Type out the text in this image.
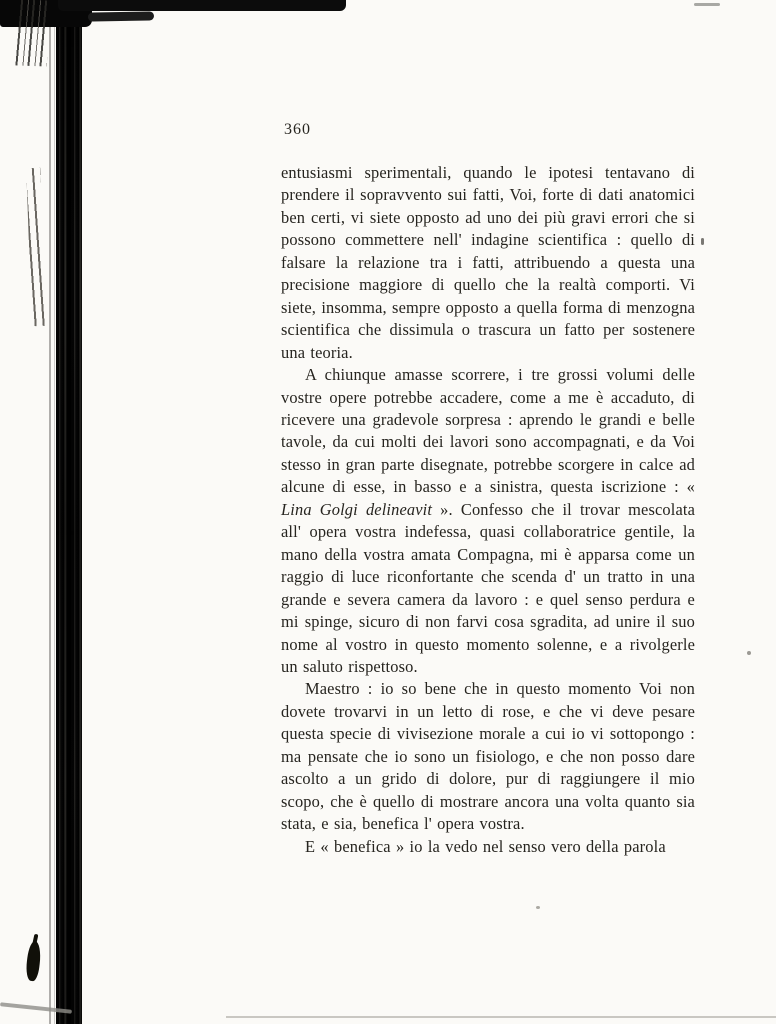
360

entusiasmi sperimentali, quando le ipotesi tentavano di prendere il sopravvento sui fatti, Voi, forte di dati anatomici ben certi, vi siete opposto ad uno dei più gravi errori che si possono commettere nell' indagine scientifica : quello di falsare la relazione tra i fatti, attribuendo a questa una precisione maggiore di quello che la realtà comporti. Vi siete, insomma, sempre opposto a quella forma di menzogna scientifica che dissimula o trascura un fatto per sostenere una teoria.

A chiunque amasse scorrere, i tre grossi volumi delle vostre opere potrebbe accadere, come a me è accaduto, di ricevere una gradevole sorpresa : aprendo le grandi e belle tavole, da cui molti dei lavori sono accompagnati, e da Voi stesso in gran parte disegnate, potrebbe scorgere in calce ad alcune di esse, in basso e a sinistra, questa iscrizione : « Lina Golgi delineavit ». Confesso che il trovar mescolata all' opera vostra indefessa, quasi collaboratrice gentile, la mano della vostra amata Compagna, mi è apparsa come un raggio di luce riconfortante che scenda d' un tratto in una grande e severa camera da lavoro : e quel senso perdura e mi spinge, sicuro di non farvi cosa sgradita, ad unire il suo nome al vostro in questo momento solenne, e a rivolgerle un saluto rispettoso.

Maestro : io so bene che in questo momento Voi non dovete trovarvi in un letto di rose, e che vi deve pesare questa specie di vivisezione morale a cui io vi sottopongo : ma pensate che io sono un fisiologo, e che non posso dare ascolto a un grido di dolore, pur di raggiungere il mio scopo, che è quello di mostrare ancora una volta quanto sia stata, e sia, benefica l' opera vostra.

E « benefica » io la vedo nel senso vero della parola
